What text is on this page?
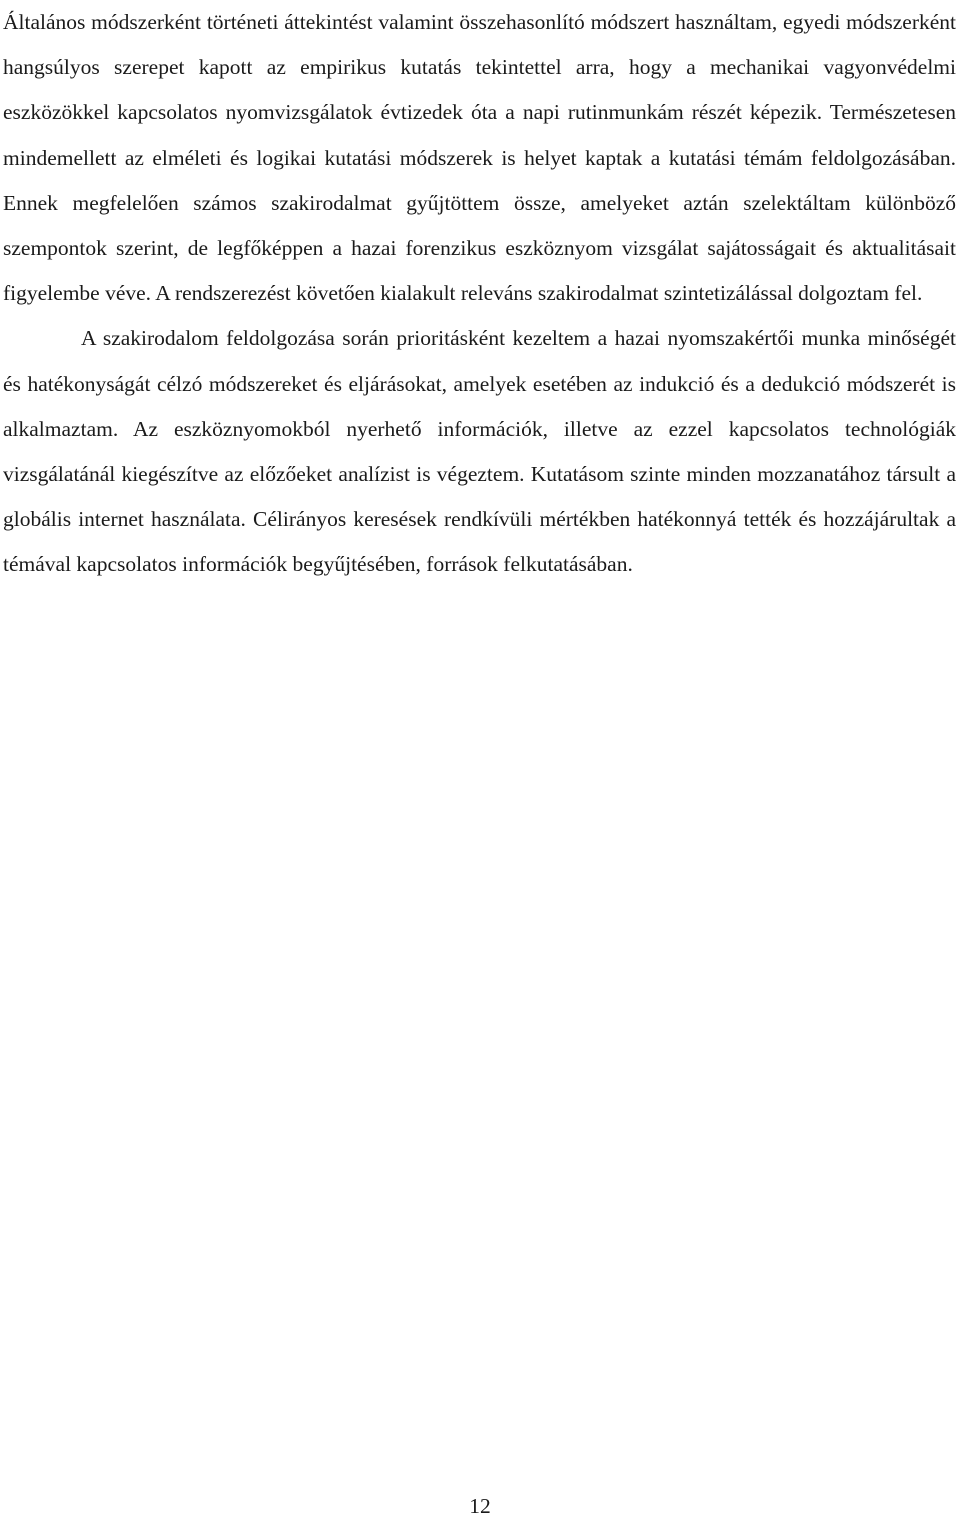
Általános módszerként történeti áttekintést valamint összehasonlító módszert használtam, egyedi módszerként hangsúlyos szerepet kapott az empirikus kutatás tekintettel arra, hogy a mechanikai vagyonvédelmi eszközökkel kapcsolatos nyomvizsgálatok évtizedek óta a napi rutinmunkám részét képezik. Természetesen mindemellett az elméleti és logikai kutatási módszerek is helyet kaptak a kutatási témám feldolgozásában. Ennek megfelelően számos szakirodalmat gyűjtöttem össze, amelyeket aztán szelektáltam különböző szempontok szerint, de legfőképpen a hazai forenzikus eszköznyom vizsgálat sajátosságait és aktualitásait figyelembe véve. A rendszerezést követően kialakult releváns szakirodalmat szintetizálással dolgoztam fel.

A szakirodalom feldolgozása során prioritásként kezeltem a hazai nyomszakértői munka minőségét és hatékonyságát célzó módszereket és eljárásokat, amelyek esetében az indukció és a dedukció módszerét is alkalmaztam. Az eszköznyomokból nyerhető információk, illetve az ezzel kapcsolatos technológiák vizsgálatánál kiegészítve az előzőeket analízist is végeztem. Kutatásom szinte minden mozzanatához társult a globális internet használata. Célirányos keresések rendkívüli mértékben hatékonnyá tették és hozzájárultak a témával kapcsolatos információk begyűjtésében, források felkutatásában.

12
